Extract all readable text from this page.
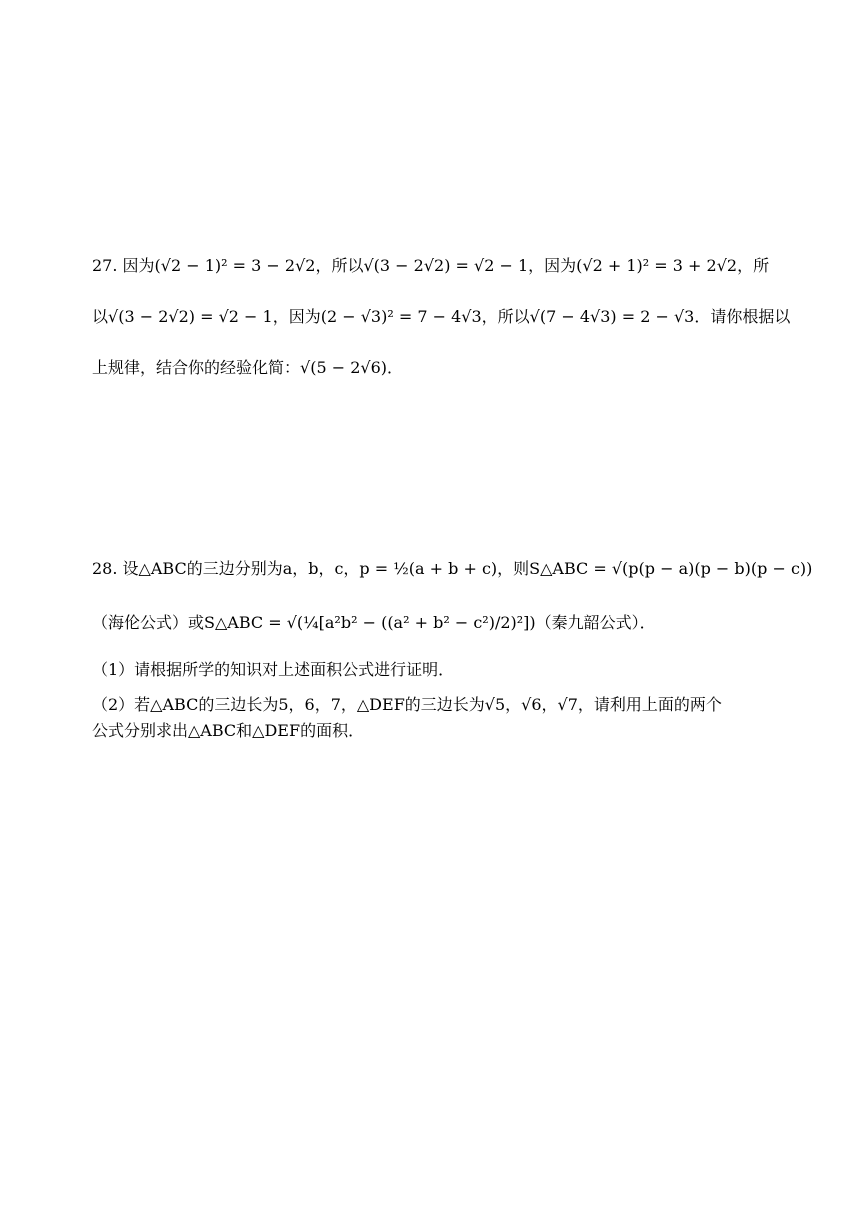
27. 因为(√2 − 1)² = 3 − 2√2，所以√(3 − 2√2) = √2 − 1，因为(√2 + 1)² = 3 + 2√2，所
以√(3 − 2√2) = √2 − 1，因为(2 − √3)² = 7 − 4√3，所以√(7 − 4√3) = 2 − √3．请你根据以
上规律，结合你的经验化简：√(5 − 2√6)．
28. 设△ABC的三边分别为a，b，c，p = ½(a + b + c)，则S△ABC = √(p(p − a)(p − b)(p − c))
（海伦公式）或S△ABC = √(¼[a²b² − ((a² + b² − c²)/2)²])（秦九韶公式）．
（1）请根据所学的知识对上述面积公式进行证明．
（2）若△ABC的三边长为5，6，7，△DEF的三边长为√5，√6，√7，请利用上面的两个
公式分别求出△ABC和△DEF的面积．
